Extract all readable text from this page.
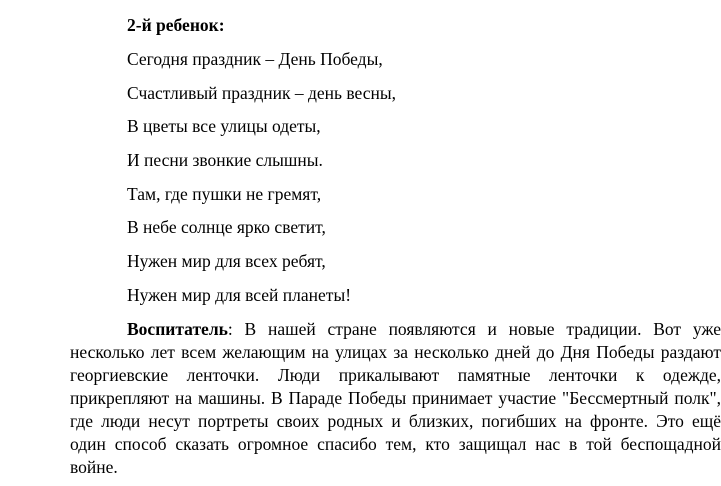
2-й ребенок:

Сегодня праздник – День Победы,
Счастливый праздник – день весны,
В цветы все улицы одеты,
И песни звонкие слышны.
Там, где пушки не гремят,
В небе солнце ярко светит,
Нужен мир для всех ребят,
Нужен мир для всей планеты!

Воспитатель: В нашей стране появляются и новые традиции. Вот уже несколько лет всем желающим на улицах за несколько дней до Дня Победы раздают георгиевские ленточки. Люди прикалывают памятные ленточки к одежде, прикрепляют на машины. В Параде Победы принимает участие "Бессмертный полк", где люди несут портреты своих родных и близких, погибших на фронте. Это ещё один способ сказать огромное спасибо тем, кто защищал нас в той беспощадной войне.
